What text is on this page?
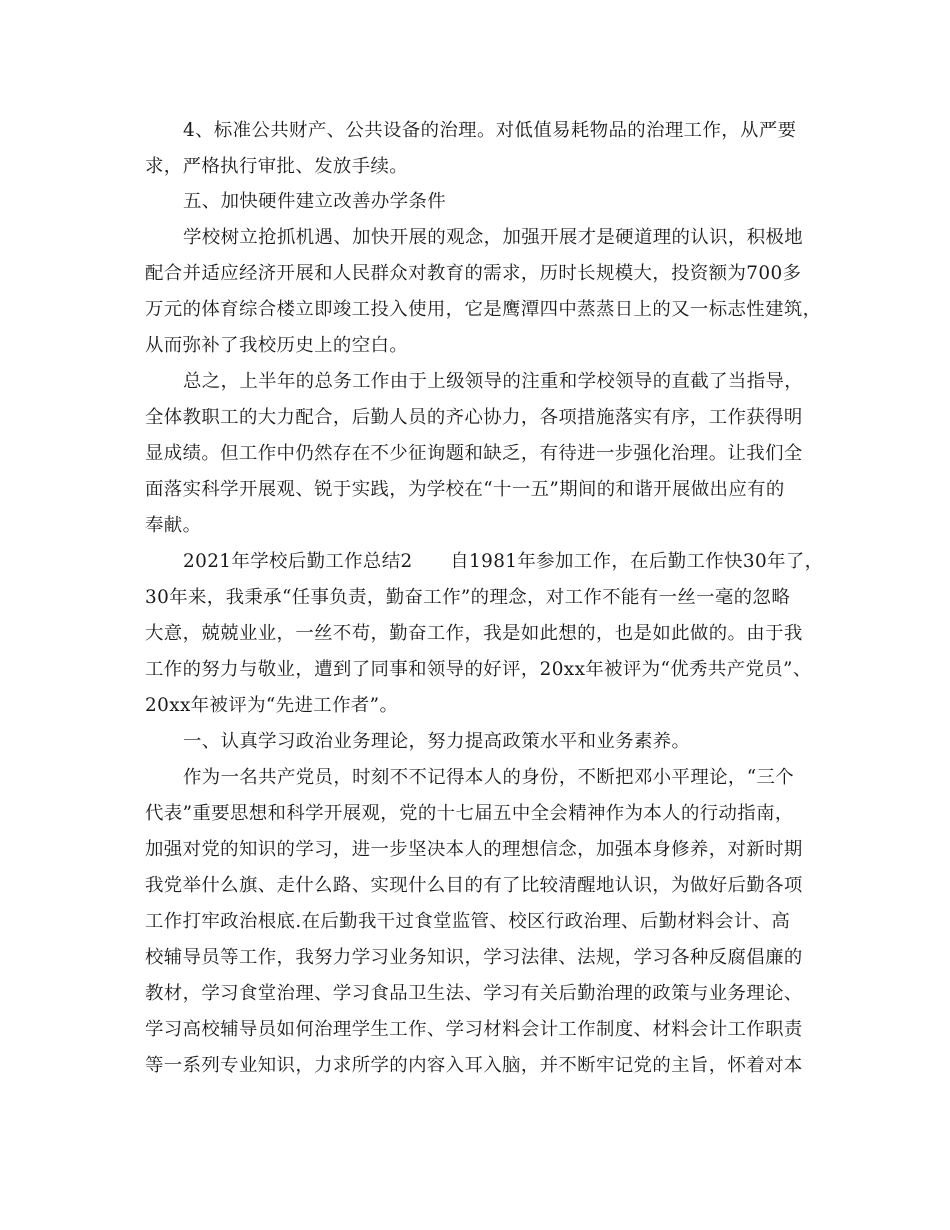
4、标准公共财产、公共设备的治理。对低值易耗物品的治理工作，从严要
求，严格执行审批、发放手续。
五、加快硬件建立改善办学条件
学校树立抢抓机遇、加快开展的观念，加强开展才是硬道理的认识，积极地
配合并适应经济开展和人民群众对教育的需求，历时长规模大，投资额为700多
万元的体育综合楼立即竣工投入使用，它是鹰潭四中蒸蒸日上的又一标志性建筑，
从而弥补了我校历史上的空白。
总之，上半年的总务工作由于上级领导的注重和学校领导的直截了当指导，
全体教职工的大力配合，后勤人员的齐心协力，各项措施落实有序，工作获得明
显成绩。但工作中仍然存在不少征询题和缺乏，有待进一步强化治理。让我们全
面落实科学开展观、锐于实践，为学校在“十一五”期间的和谐开展做出应有的
奉献。
2021年学校后勤工作总结2　　自1981年参加工作，在后勤工作快30年了，
30年来，我秉承“任事负责，勤奋工作”的理念，对工作不能有一丝一毫的忽略
大意，兢兢业业，一丝不苟，勤奋工作，我是如此想的，也是如此做的。由于我
工作的努力与敬业，遭到了同事和领导的好评，20xx年被评为“优秀共产党员”、
20xx年被评为“先进工作者”。
一、认真学习政治业务理论，努力提高政策水平和业务素养。
作为一名共产党员，时刻不不记得本人的身份，不断把邓小平理论，“三个
代表”重要思想和科学开展观，党的十七届五中全会精神作为本人的行动指南，
加强对党的知识的学习，进一步坚决本人的理想信念，加强本身修养，对新时期
我党举什么旗、走什么路、实现什么目的有了比较清醒地认识，为做好后勤各项
工作打牢政治根底.在后勤我干过食堂监管、校区行政治理、后勤材料会计、高
校辅导员等工作，我努力学习业务知识，学习法律、法规，学习各种反腐倡廉的
教材，学习食堂治理、学习食品卫生法、学习有关后勤治理的政策与业务理论、
学习高校辅导员如何治理学生工作、学习材料会计工作制度、材料会计工作职责
等一系列专业知识，力求所学的内容入耳入脑，并不断牢记党的主旨，怀着对本
